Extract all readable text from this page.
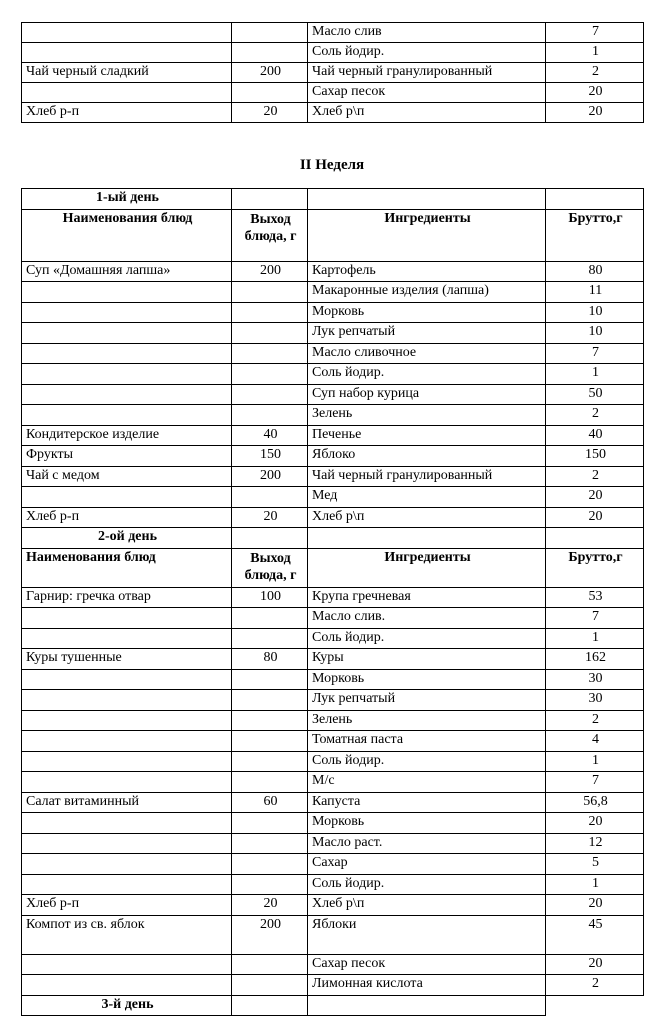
		Масло слив	7
		Соль йодир.	1
Чай черный сладкий	200	Чай черный гранулированный	2
		Сахар песок	20
Хлеб р-п	20	Хлеб р\п	20
II Неделя
1-ый день			
Наименования блюд	Выход блюда, г	Ингредиенты	Брутто,г
Суп «Домашняя лапша»	200	Картофель	80
		Макаронные изделия (лапша)	11
		Морковь	10
		Лук репчатый	10
		Масло сливочное	7
		Соль йодир.	1
		Суп набор курица	50
		Зелень	2
Кондитерское изделие	40	Печенье	40
Фрукты	150	Яблоко	150
Чай с медом	200	Чай черный гранулированный	2
		Мед	20
Хлеб р-п	20	Хлеб р\п	20
2-ой день			
Наименования блюд	Выход блюда, г	Ингредиенты	Брутто,г
Гарнир: гречка отвар	100	Крупа гречневая	53
		Масло слив.	7
		Соль йодир.	1
Куры тушенные	80	Куры	162
		Морковь	30
		Лук репчатый	30
		Зелень	2
		Томатная паста	4
		Соль йодир.	1
		М/с	7
Салат витаминный	60	Капуста	56,8
		Морковь	20
		Масло раст.	12
		Сахар	5
		Соль йодир.	1
Хлеб р-п	20	Хлеб р\п	20
Компот из св. яблок	200	Яблоки	45
		Сахар песок	20
		Лимонная кислота	2
3-й день			
